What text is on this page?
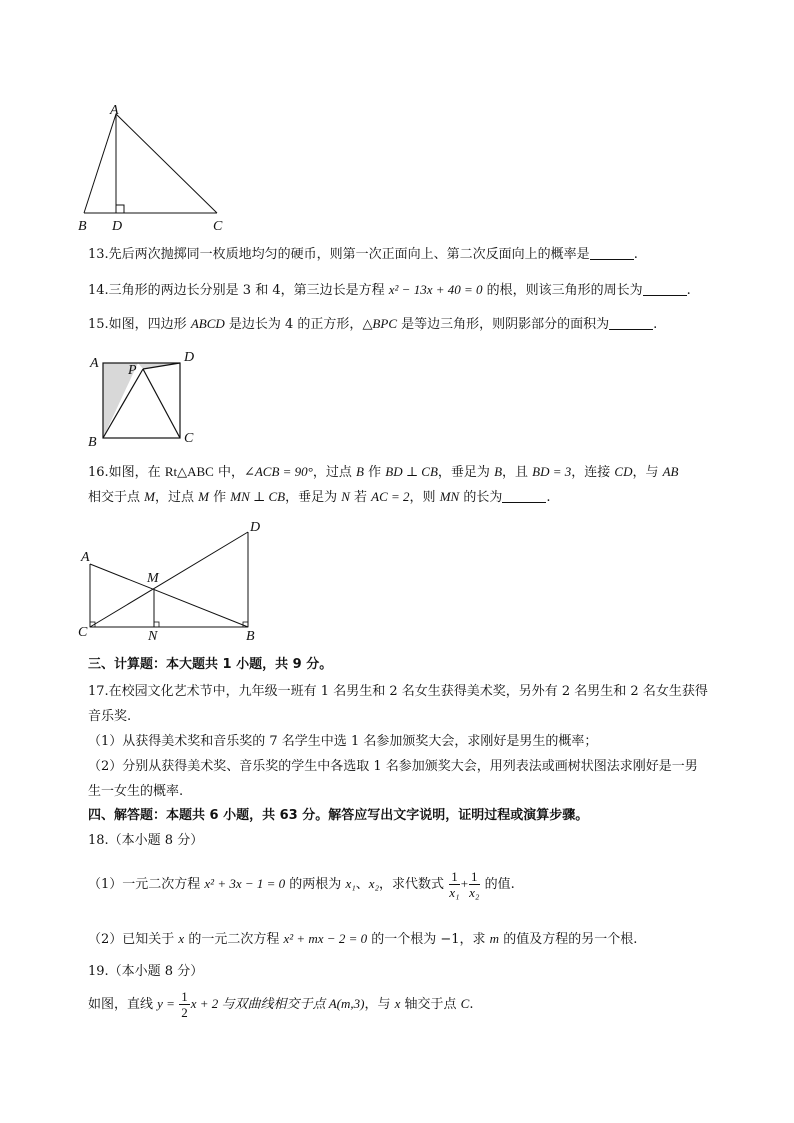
A
B D	C
13.先后两次抛掷同一枚质地均匀的硬币，则第一次正面向上、第二次反面向上的概率是	.
14.三角形的两边长分别是 3 和 4，第三边长是方程 x² − 13x + 40 = 0 的根，则该三角形的周长为	.
15.如图，四边形 ABCD 是边长为 4 的正方形，△BPC 是等边三角形，则阴影部分的面积为	.
A	D
P
B	C
16.如图，在 Rt△ABC 中，∠ACB = 90°，过点 B 作 BD ⊥ CB，垂足为 B，且 BD = 3，连接 CD，与 AB
相交于点 M，过点 M 作 MN ⊥ CB，垂足为 N 若 AC = 2，则 MN 的长为	.
A
D
M
C	N	B
三、计算题：本大题共 1 小题，共 9 分。
17.在校园文化艺术节中，九年级一班有 1 名男生和 2 名女生获得美术奖，另外有 2 名男生和 2 名女生获得
音乐奖.
（1）从获得美术奖和音乐奖的 7 名学生中选 1 名参加颁奖大会，求刚好是男生的概率；
（2）分别从获得美术奖、音乐奖的学生中各选取 1 名参加颁奖大会，用列表法或画树状图法求刚好是一男
生一女生的概率.
四、解答题：本题共 6 小题，共 63 分。解答应写出文字说明，证明过程或演算步骤。
18.（本小题 8 分）
（1）一元二次方程 x² + 3x − 1 = 0 的两根为 x₁、x₂，求代数式 $\frac{1}{\text{x₁}} + \frac{1}{\text{x₂}}$ 的值.
（2）已知关于 x 的一元二次方程 x² + mx − 2 = 0 的一个根为 −1，求 m 的值及方程的另一个根.
19.（本小题 8 分）
如图，直线 $y = \frac{1}{2}$ x + 2 与双曲线相交于点 A(m,3)，与 x 轴交于点 C.
